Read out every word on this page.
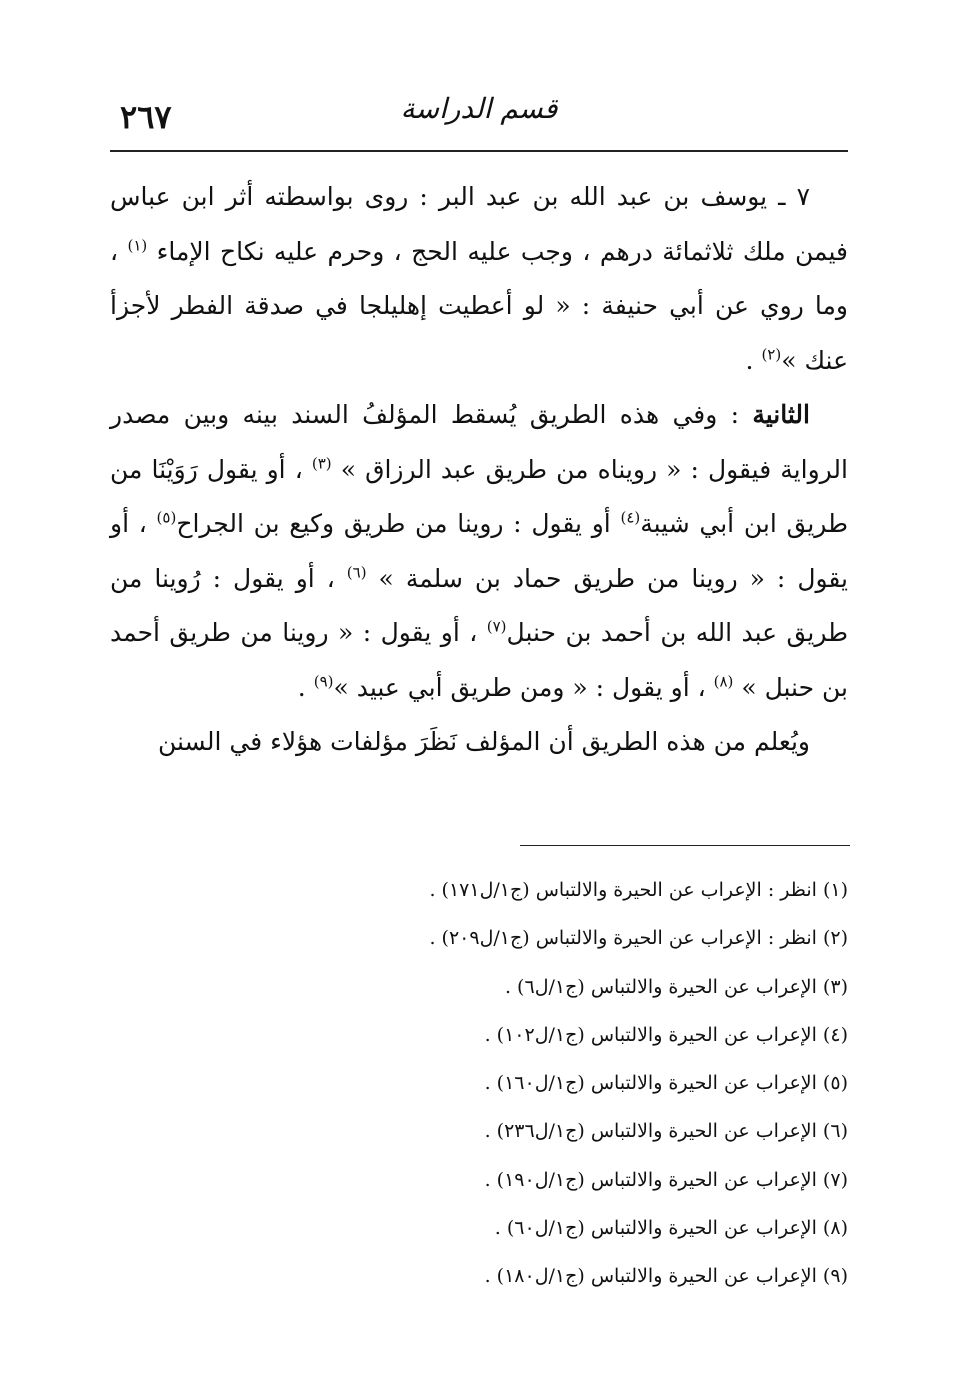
٢٦٧	قسم الدراسة

٧ ـ يوسف بن عبد الله بن عبد البر : روى بواسطته أثر ابن عباس فيمن ملك ثلاثمائة درهم ، وجب عليه الحج ، وحرم عليه نكاح الإماء $^{(١)}$ ، وما روي عن أبي حنيفة : « لو أعطيت إهليلجا في صدقة الفطر لأجزأ عنك »$^{(٢)}$ .

الثانية : وفي هذه الطريق يُسقط المؤلفُ السند بينه وبين مصدر الرواية فيقول : « رويناه من طريق عبد الرزاق » $^{(٣)}$ ، أو يقول رَوَيْنَا من طريق ابن أبي شيبة$^{(٤)}$ أو يقول : روينا من طريق وكيع بن الجراح$^{(٥)}$ ، أو يقول : « روينا من طريق حماد بن سلمة » $^{(٦)}$ ، أو يقول : رُوينا من طريق عبد الله بن أحمد بن حنبل$^{(٧)}$ ، أو يقول : « روينا من طريق أحمد بن حنبل » $^{(٨)}$ ، أو يقول : « ومن طريق أبي عبيد »$^{(٩)}$ .

ويُعلم من هذه الطريق أن المؤلف نَظَرَ مؤلفات هؤلاء في السنن

(١) انظر : الإعراب عن الحيرة والالتباس (ج١/ل١٧١) .
(٢) انظر : الإعراب عن الحيرة والالتباس (ج١/ل٢٠٩) .
(٣) الإعراب عن الحيرة والالتباس (ج١/ل٦) .
(٤) الإعراب عن الحيرة والالتباس (ج١/ل١٠٢) .
(٥) الإعراب عن الحيرة والالتباس (ج١/ل١٦٠) .
(٦) الإعراب عن الحيرة والالتباس (ج١/ل٢٣٦) .
(٧) الإعراب عن الحيرة والالتباس (ج١/ل١٩٠) .
(٨) الإعراب عن الحيرة والالتباس (ج١/ل٦٠) .
(٩) الإعراب عن الحيرة والالتباس (ج١/ل١٨٠) .
